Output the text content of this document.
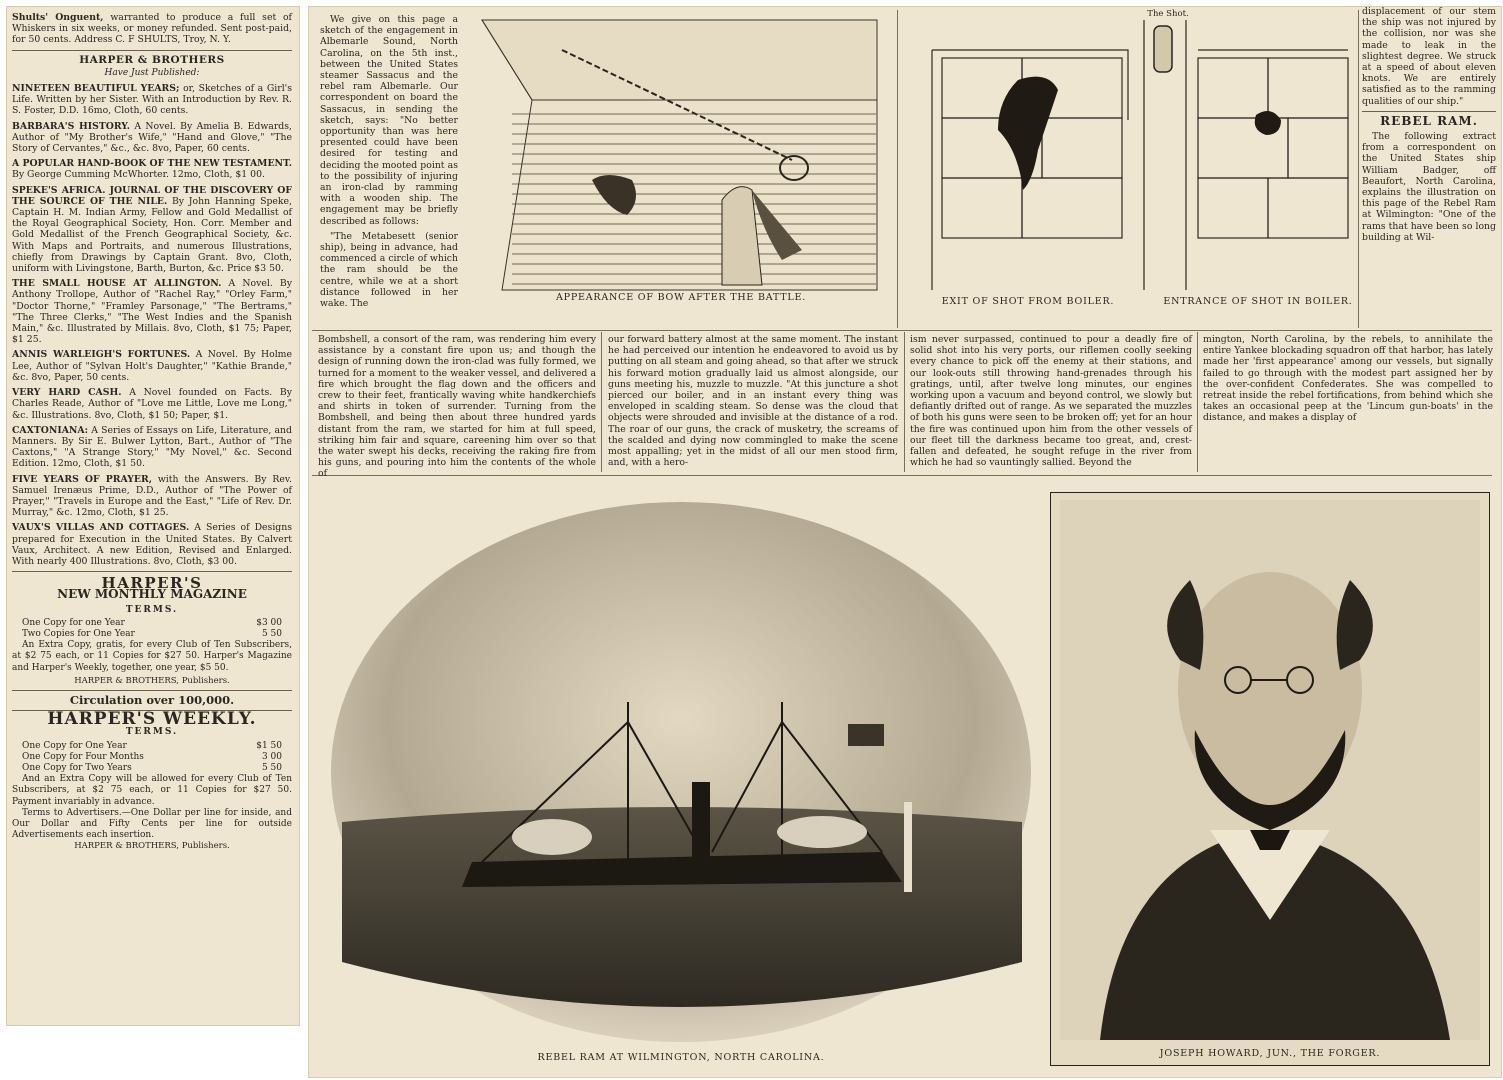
Shults' Onguent, warranted to produce a full set of Whiskers in six weeks, or money refunded. Sent post-paid, for 50 cents. Address C. F SHULTS, Troy, N. Y.

HARPER & BROTHERS
Have Just Published:

NINETEEN BEAUTIFUL YEARS; or, Sketches of a Girl's Life. Written by her Sister. With an Introduction by Rev. R. S. Foster, D.D. 16mo, Cloth, 60 cents.

BARBARA'S HISTORY. A Novel. By Amelia B. Edwards, Author of "My Brother's Wife," "Hand and Glove," "The Story of Cervantes," &c., &c. 8vo, Paper, 60 cents.

A POPULAR HAND-BOOK OF THE NEW TESTAMENT. By George Cumming McWhorter. 12mo, Cloth, $1 00.

SPEKE'S AFRICA. JOURNAL OF THE DISCOVERY OF THE SOURCE OF THE NILE. By John Hanning Speke, Captain H. M. Indian Army, Fellow and Gold Medallist of the Royal Geographical Society, Hon. Corr. Member and Gold Medallist of the French Geographical Society, &c. With Maps and Portraits, and numerous Illustrations, chiefly from Drawings by Captain Grant. 8vo, Cloth, uniform with Livingstone, Barth, Burton, &c. Price $3 50.

THE SMALL HOUSE AT ALLINGTON. A Novel. By Anthony Trollope, Author of "Rachel Ray," "Orley Farm," "Doctor Thorne," "Framley Parsonage," "The Bertrams," "The Three Clerks," "The West Indies and the Spanish Main," &c. Illustrated by Millais. 8vo, Cloth, $1 75; Paper, $1 25.

ANNIS WARLEIGH'S FORTUNES. A Novel. By Holme Lee, Author of "Sylvan Holt's Daughter," "Kathie Brande," &c. 8vo, Paper, 50 cents.

VERY HARD CASH. A Novel founded on Facts. By Charles Reade, Author of "Love me Little, Love me Long," &c. Illustrations. 8vo, Cloth, $1 50; Paper, $1.

CAXTONIANA: A Series of Essays on Life, Literature, and Manners. By Sir E. Bulwer Lytton, Bart., Author of "The Caxtons," "A Strange Story," "My Novel," &c. Second Edition. 12mo, Cloth, $1 50.

FIVE YEARS OF PRAYER, with the Answers. By Rev. Samuel Irenæus Prime, D.D., Author of "The Power of Prayer," "Travels in Europe and the East," "Life of Rev. Dr. Murray," &c. 12mo, Cloth, $1 25.

VAUX'S VILLAS AND COTTAGES. A Series of Designs prepared for Execution in the United States. By Calvert Vaux, Architect. A new Edition, Revised and Enlarged. With nearly 400 Illustrations. 8vo, Cloth, $3 00.

HARPER'S
NEW MONTHLY MAGAZINE
TERMS.
One Copy for one Year	$3 00
Two Copies for One Year	5 50
An Extra Copy, gratis, for every Club of Ten Subscribers, at $2 75 each, or 11 Copies for $27 50. Harper's Magazine and Harper's Weekly, together, one year, $5 50.
HARPER & BROTHERS, Publishers.
Circulation over 100,000.
HARPER'S WEEKLY.
TERMS.
One Copy for One Year	$1 50
One Copy for Four Months	3 00
One Copy for Two Years	5 50
And an Extra Copy will be allowed for every Club of Ten Subscribers, at $2 75 each, or 11 Copies for $27 50. Payment invariably in advance.
Terms to Advertisers.—One Dollar per line for inside, and Our Dollar and Fifty Cents per line for outside Advertisements each insertion.
HARPER & BROTHERS, Publishers.

We give on this page a sketch of the engagement in Albemarle Sound, North Carolina, on the 5th inst., between the United States steamer Sassacus and the rebel ram Albemarle. Our correspondent on board the Sassacus, in sending the sketch, says: "No better opportunity than was here presented could have been desired for testing and deciding the mooted point as to the possibility of injuring an iron-clad by ramming with a wooden ship. The engagement may be briefly described as follows:

"The Metabesett (senior ship), being in advance, had commenced a circle of which the ram should be the centre, while we at a short distance followed in her wake. The

APPEARANCE OF BOW AFTER THE BATTLE.
The Shot.
EXIT OF SHOT FROM BOILER.	ENTRANCE OF SHOT IN BOILER.

displacement of our stem the ship was not injured by the collision, nor was she made to leak in the slightest degree. We struck at a speed of about eleven knots. We are entirely satisfied as to the ramming qualities of our ship."

REBEL RAM.

The following extract from a correspondent on the United States ship William Badger, off Beaufort, North Carolina, explains the illustration on this page of the Rebel Ram at Wilmington: "One of the rams that have been so long building at Wil-

Bombshell, a consort of the ram, was rendering him every assistance by a constant fire upon us; and though the design of running down the iron-clad was fully formed, we turned for a moment to the weaker vessel, and delivered a fire which brought the flag down and the officers and crew to their feet, frantically waving white handkerchiefs and shirts in token of surrender. Turning from the Bombshell, and being then about three hundred yards distant from the ram, we started for him at full speed, striking him fair and square, careening him over so that the water swept his decks, receiving the raking fire from his guns, and pouring into him the contents of the whole of

our forward battery almost at the same moment. The instant he had perceived our intention he endeavored to avoid us by putting on all steam and going ahead, so that after we struck his forward motion gradually laid us almost alongside, our guns meeting his, muzzle to muzzle. "At this juncture a shot pierced our boiler, and in an instant every thing was enveloped in scalding steam. So dense was the cloud that objects were shrouded and invisible at the distance of a rod. The roar of our guns, the crack of musketry, the screams of the scalded and dying now commingled to make the scene most appalling; yet in the midst of all our men stood firm, and, with a hero-

ism never surpassed, continued to pour a deadly fire of solid shot into his very ports, our riflemen coolly seeking every chance to pick off the enemy at their stations, and our look-outs still throwing hand-grenades through his gratings, until, after twelve long minutes, our engines working upon a vacuum and beyond control, we slowly but defiantly drifted out of range. As we separated the muzzles of both his guns were seen to be broken off; yet for an hour the fire was continued upon him from the other vessels of our fleet till the darkness became too great, and, crest-fallen and defeated, he sought refuge in the river from which he had so vauntingly sallied. Beyond the

mington, North Carolina, by the rebels, to annihilate the entire Yankee blockading squadron off that harbor, has lately made her 'first appearance' among our vessels, but signally failed to go through with the modest part assigned her by the over-confident Confederates. She was compelled to retreat inside the rebel fortifications, from behind which she takes an occasional peep at the 'Lincum gun-boats' in the distance, and makes a display of

REBEL RAM AT WILMINGTON, NORTH CAROLINA.	JOSEPH HOWARD, JUN., THE FORGER.
